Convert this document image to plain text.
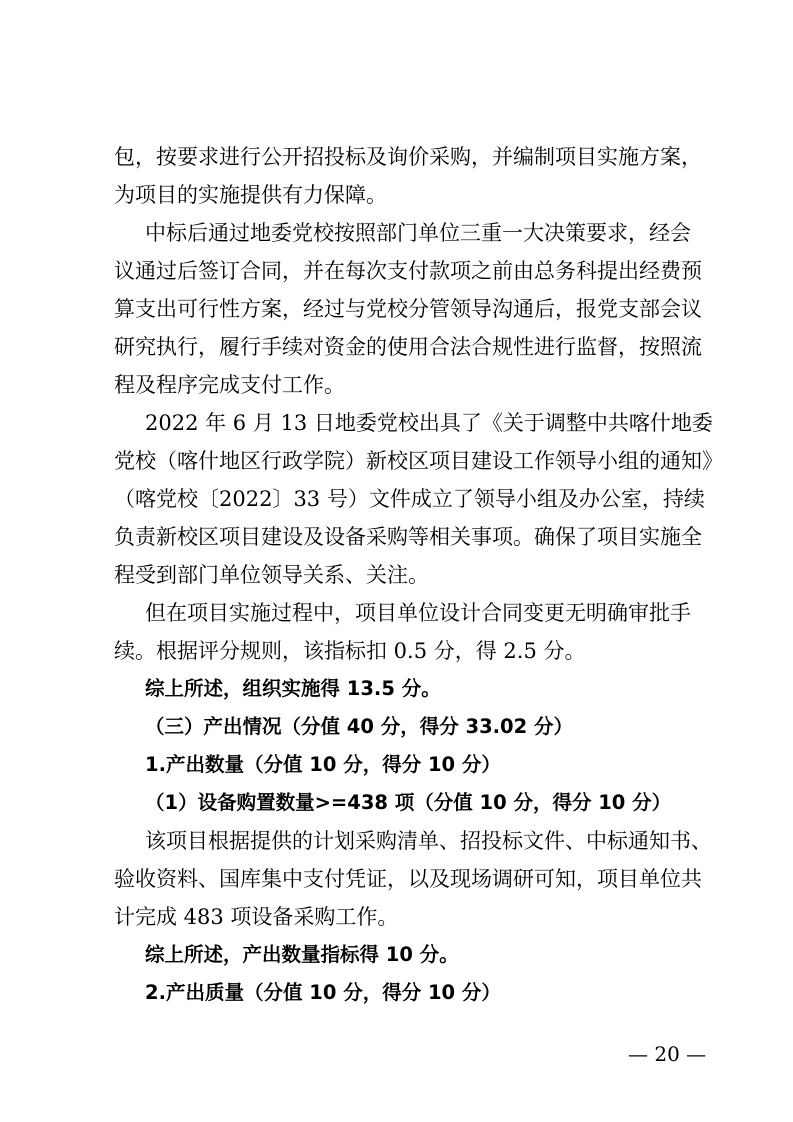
包，按要求进行公开招投标及询价采购，并编制项目实施方案，
为项目的实施提供有力保障。
中标后通过地委党校按照部门单位三重一大决策要求，经会
议通过后签订合同，并在每次支付款项之前由总务科提出经费预
算支出可行性方案，经过与党校分管领导沟通后，报党支部会议
研究执行，履行手续对资金的使用合法合规性进行监督，按照流
程及程序完成支付工作。
2022 年 6 月 13 日地委党校出具了《关于调整中共喀什地委
党校（喀什地区行政学院）新校区项目建设工作领导小组的通知》
（喀党校〔2022〕33 号）文件成立了领导小组及办公室，持续
负责新校区项目建设及设备采购等相关事项。确保了项目实施全
程受到部门单位领导关系、关注。
但在项目实施过程中，项目单位设计合同变更无明确审批手
续。根据评分规则，该指标扣 0.5 分，得 2.5 分。
综上所述，组织实施得 13.5 分。
（三）产出情况（分值 40 分，得分 33.02 分）
1.产出数量（分值 10 分，得分 10 分）
（1）设备购置数量>=438 项（分值 10 分，得分 10 分）
该项目根据提供的计划采购清单、招投标文件、中标通知书、
验收资料、国库集中支付凭证，以及现场调研可知，项目单位共
计完成 483 项设备采购工作。
综上所述，产出数量指标得 10 分。
2.产出质量（分值 10 分，得分 10 分）
— 20 —
